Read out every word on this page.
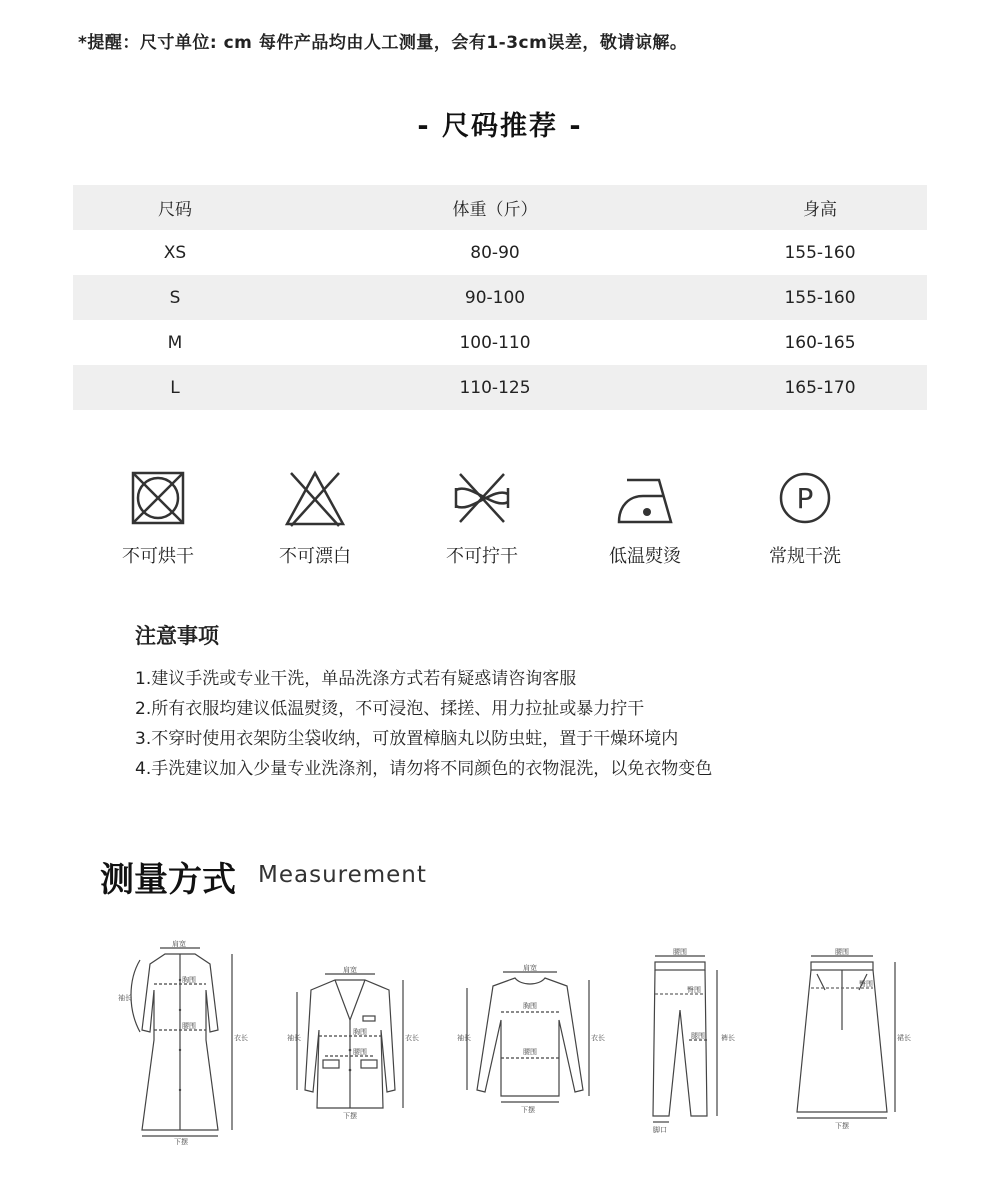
*提醒：尺寸单位: cm 每件产品均由人工测量，会有1-3cm误差，敬请谅解。
- 尺码推荐 -
尺码	体重（斤）	身高
XS	80-90	155-160
S	90-100	155-160
M	100-110	160-165
L	110-125	165-170
不可烘干	不可漂白	不可拧干	低温熨烫
P
常规干洗
注意事项
1.建议手洗或专业干洗，单品洗涤方式若有疑惑请咨询客服
2.所有衣服均建议低温熨烫，不可浸泡、揉搓、用力拉扯或暴力拧干
3.不穿时使用衣架防尘袋收纳，可放置樟脑丸以防虫蛀，置于干燥环境内
4.手洗建议加入少量专业洗涤剂，请勿将不同颜色的衣物混洗，以免衣物变色
测量方式 Measurement
肩宽
袖长
胸围
腰围
衣长
下摆
肩宽
袖长
胸围
腰围
衣长
下摆
肩宽
袖长
胸围
腰围
衣长
下摆
腰围
臀围
腿围 裤长
脚口
腰围
臀围
裙长
下摆
